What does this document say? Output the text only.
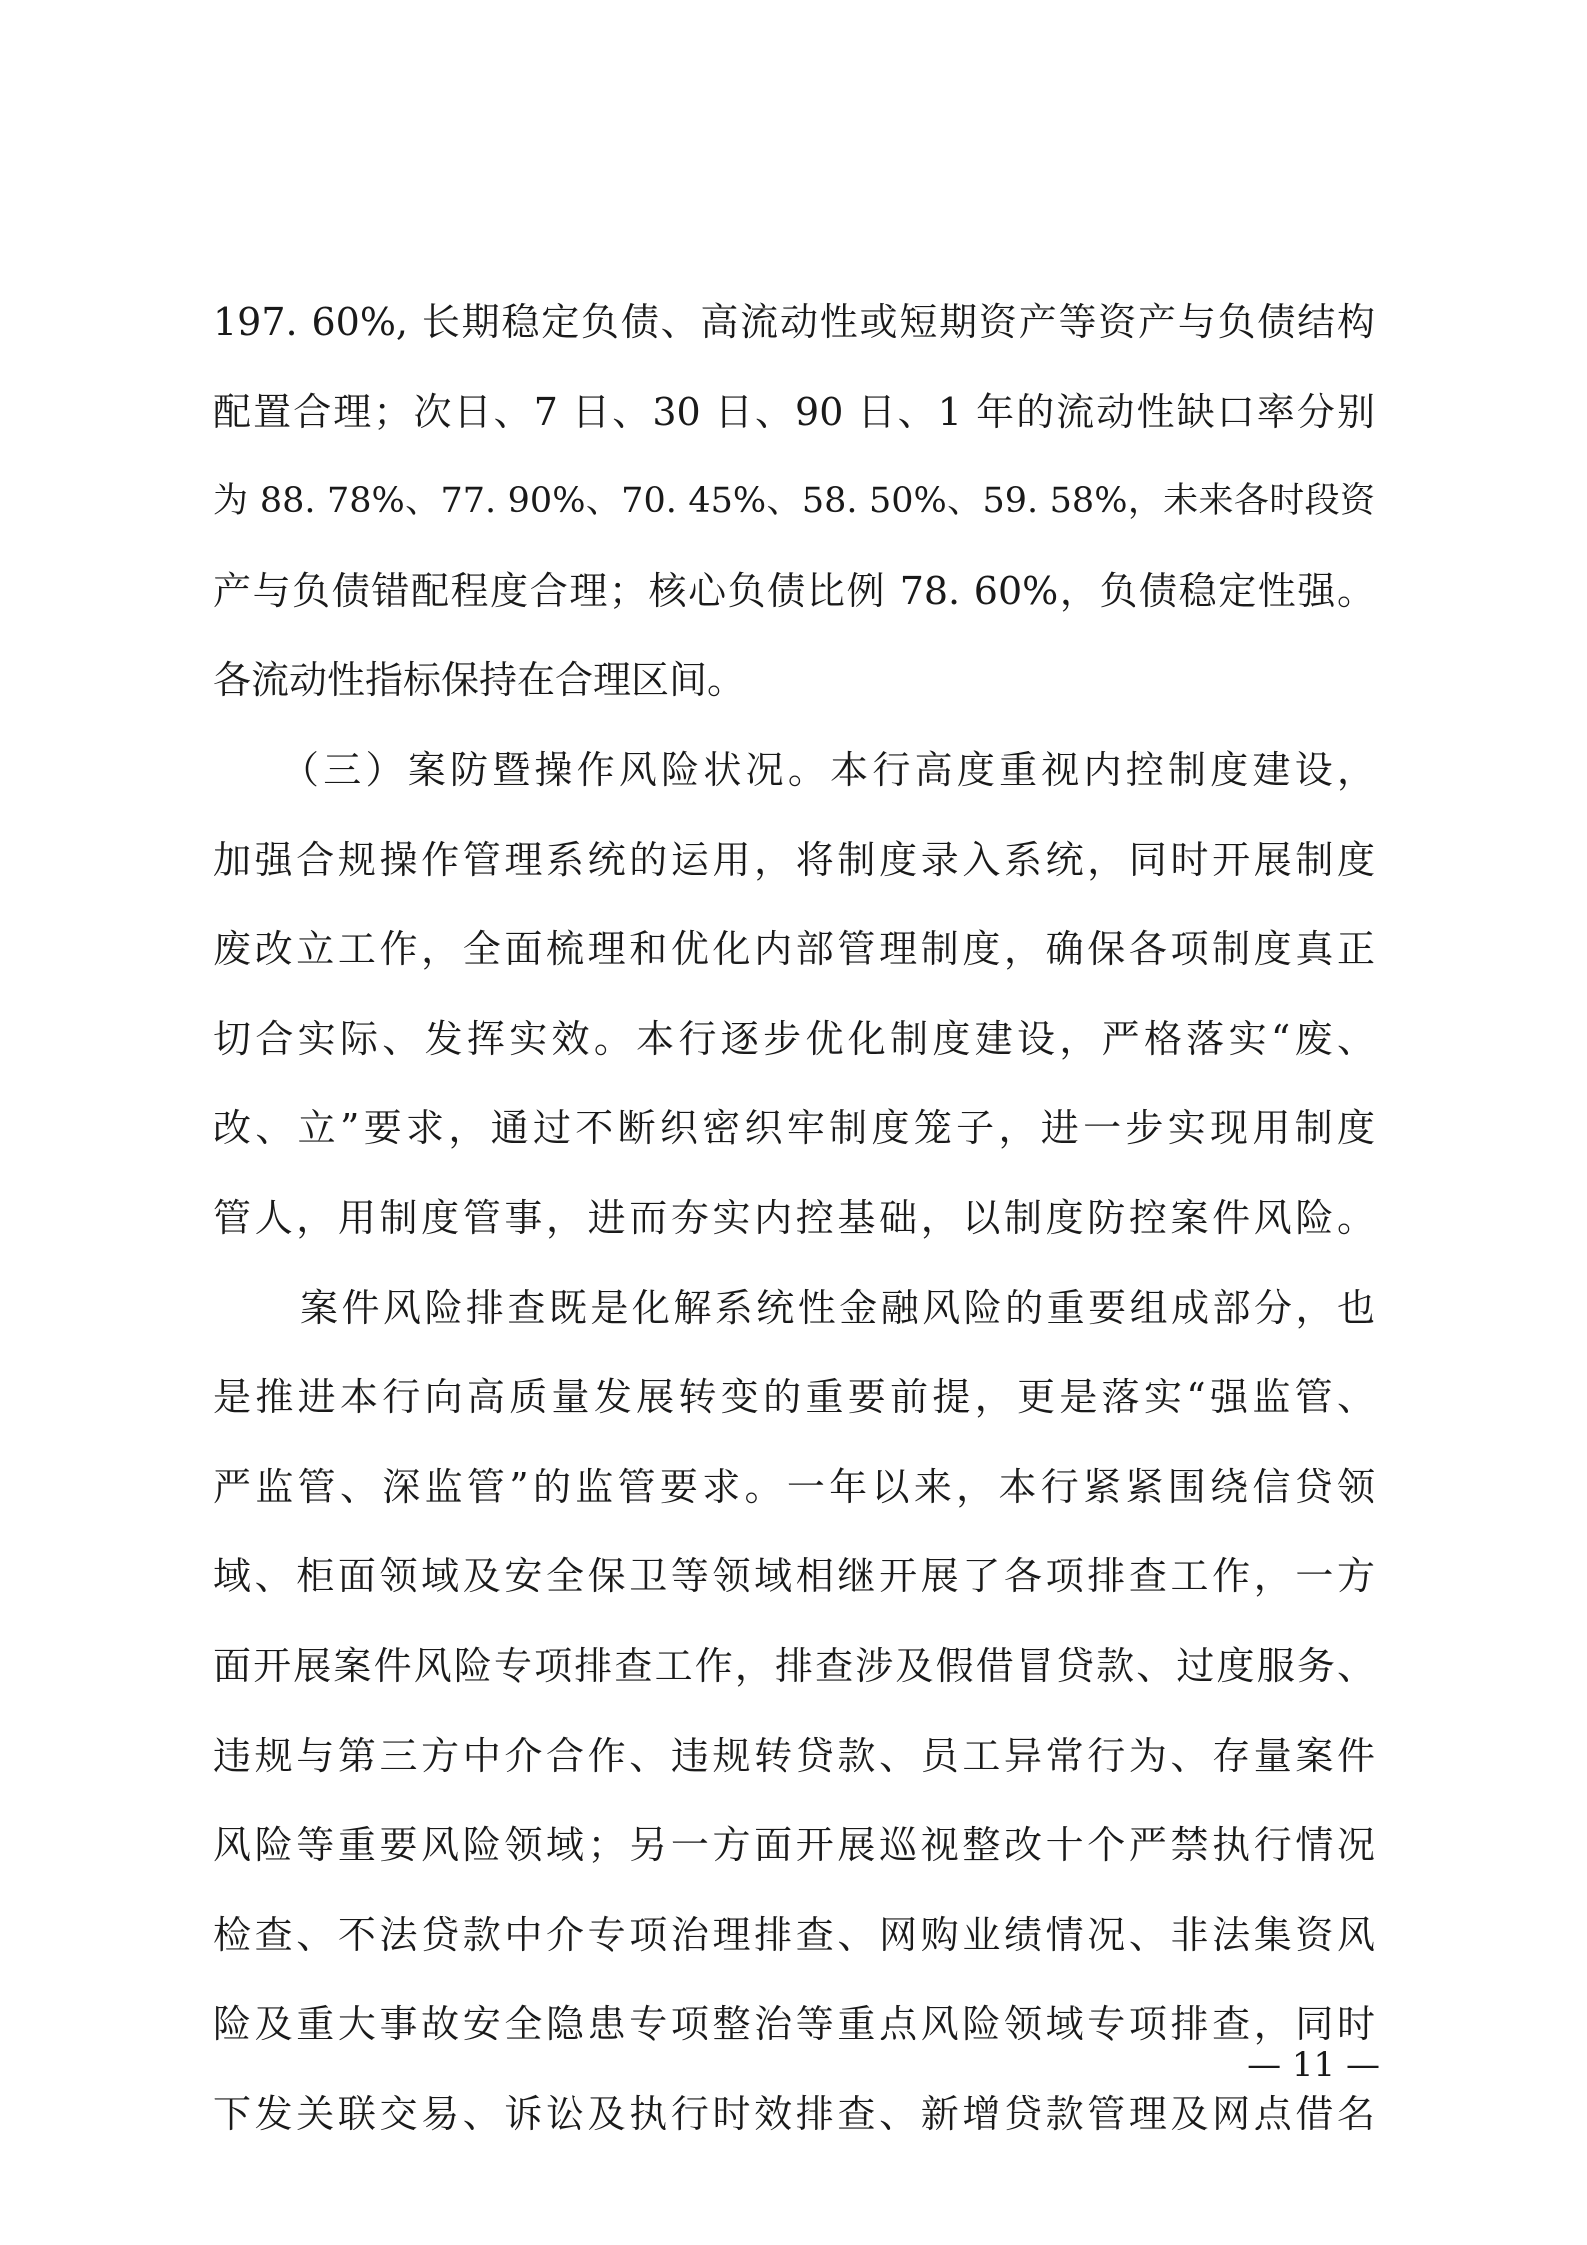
197. 60%, 长期稳定负债、高流动性或短期资产等资产与负债结构
配置合理；次日、7 日、30 日、90 日、1 年的流动性缺口率分别
为 88. 78%、77. 90%、70. 45%、58. 50%、59. 58%，未来各时段资
产与负债错配程度合理；核心负债比例 78. 60%，负债稳定性强。
各流动性指标保持在合理区间。
（三）案防暨操作风险状况。本行高度重视内控制度建设，
加强合规操作管理系统的运用，将制度录入系统，同时开展制度
废改立工作，全面梳理和优化内部管理制度，确保各项制度真正
切合实际、发挥实效。本行逐步优化制度建设，严格落实“废、
改、立”要求，通过不断织密织牢制度笼子，进一步实现用制度
管人，用制度管事，进而夯实内控基础，以制度防控案件风险。
案件风险排查既是化解系统性金融风险的重要组成部分，也
是推进本行向高质量发展转变的重要前提，更是落实“强监管、
严监管、深监管”的监管要求。一年以来，本行紧紧围绕信贷领
域、柜面领域及安全保卫等领域相继开展了各项排查工作，一方
面开展案件风险专项排查工作，排查涉及假借冒贷款、过度服务、
违规与第三方中介合作、违规转贷款、员工异常行为、存量案件
风险等重要风险领域；另一方面开展巡视整改十个严禁执行情况
检查、不法贷款中介专项治理排查、网购业绩情况、非法集资风
险及重大事故安全隐患专项整治等重点风险领域专项排查，同时
下发关联交易、诉讼及执行时效排查、新增贷款管理及网点借名
— 11 —
